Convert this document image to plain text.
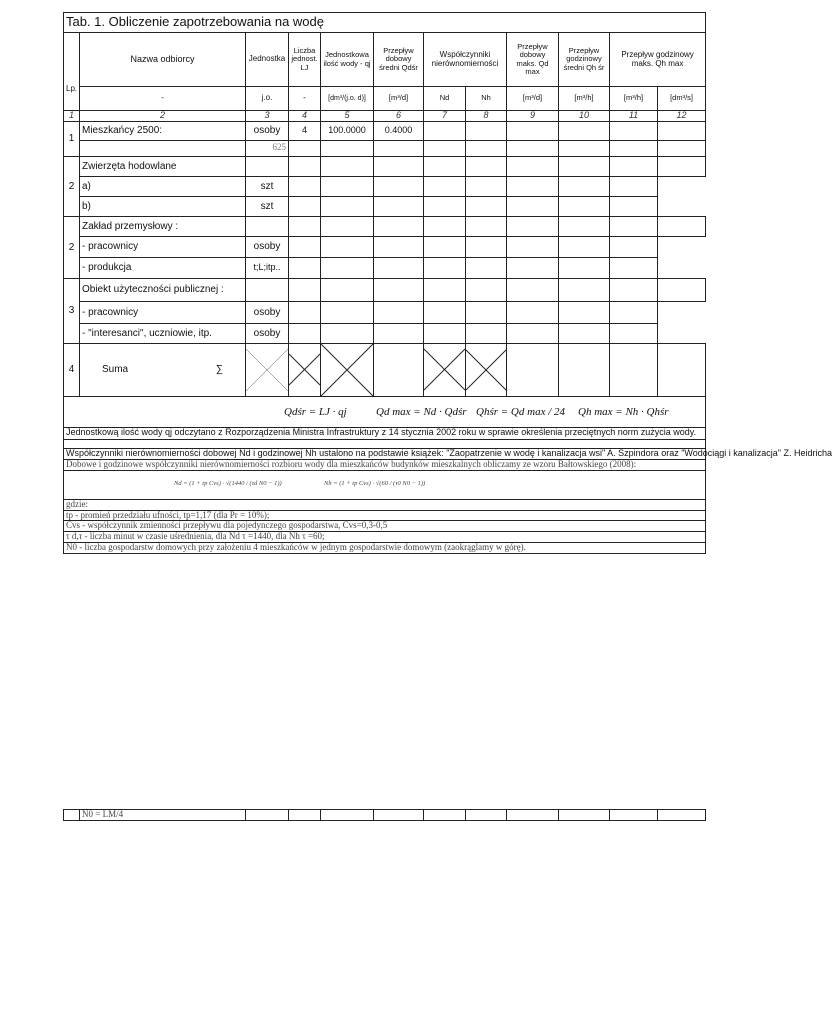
Tab. 1. Obliczenie zapotrzebowania na wodę											
Lp.	Nazwa odbiorcy	Jednostka	Liczba jednost. LJ	Jednostkowa ilość wody - qj	Przepływ dobowy średni Qdśr	Współczynniki nierównomierności		Przepływ dobowy maks. Qd max	Przepływ godzinowy średni Qh śr	Przepływ godzinowy maks. Qh max	
	-	j.o.	-	[dm³/(j.o. d)]	[m³/d]	Nd	Nh	[m³/d]	[m³/h]	[m³/h]	[dm³/s]
1	2	3	4	5	6	7	8	9	10	11	12
1	Mieszkańcy 2500:	osoby	4	100.0000	0.4000						
		625									
2	Zwierzęta hodowlane										
	a)	szt									
	b)	szt									
2	Zakład przemysłowy :										
	- pracownicy	osoby									
	- produkcja	t;L;itp..									
3	Obiekt użyteczności publicznej :										
	- pracownicy	osoby									
	- "interesanci", uczniowie, itp.	osoby									
4	Suma ∑

Qdśr = LJ · qj Qd max = Nd · Qdśr Qhśr = Qd max / 24 Qh max = Nh · Qhśr											

Jednostkową ilość wody qj odczytano z Rozporządzenia Ministra Infrastruktury z 14 stycznia 2002 roku w sprawie określenia przeciętnych norm zużycia wody.											

Współczynniki nierównomierności dobowej Nd i godzinowej Nh ustalono na podstawie książek: "Zaopatrzenie w wodę i kanalizacja wsi" A. Szpindora oraz "Wodociągi i kanalizacja" Z. Heidricha											
Dobowe i godzinowe współczynniki nierównomierności rozbioru wody dla mieszkańców budynków mieszkalnych obliczamy ze wzoru Bałtowskiego (2008):											

Nd = (1 + tp Cvs) · √(1440 / (τd N0 − 1)) Nh = (1 + tp Cvs) · √(60 / (τ0 N0 − 1))											

gdzie:											
tp - promień przedziału ufności, tp=1,17 (dla Pr = 10%);											
Cvs - współczynnik zmienności przepływu dla pojedynczego gospodarstwa, Cvs=0,3-0,5											
τ d,τ - liczba minut w czasie uśrednienia, dla Nd τ =1440, dla Nh τ =60;											
N0 - liczba gospodarstw domowych przy założeniu 4 mieszkańców w jednym gospodarstwie domowym (zaokrąglamy w górę).											
	N0 = LM/4										
